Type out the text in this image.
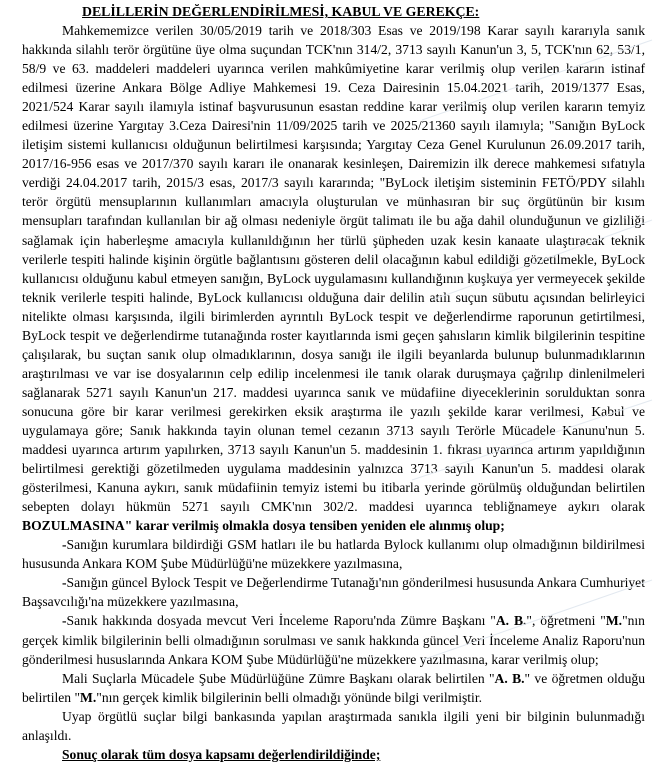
DELİLLERİN DEĞERLENDİRİLMESİ, KABUL VE GEREKÇE:

Mahkememizce verilen 30/05/2019 tarih ve 2018/303 Esas ve 2019/198 Karar sayılı kararıyla sanık hakkında silahlı terör örgütüne üye olma suçundan TCK'nın 314/2, 3713 sayılı Kanun'un 3, 5, TCK'nın 62, 53/1, 58/9 ve 63. maddeleri maddeleri uyarınca verilen mahkûmiyetine karar verilmiş olup verilen kararın istinaf edilmesi üzerine Ankara Bölge Adliye Mahkemesi 19. Ceza Dairesinin 15.04.2021 tarih, 2019/1377 Esas, 2021/524 Karar sayılı ilamıyla istinaf başvurusunun esastan reddine karar verilmiş olup verilen kararın temyiz edilmesi üzerine Yargıtay 3.Ceza Dairesi'nin 11/09/2025 tarih ve 2025/21360 sayılı ilamıyla; "Sanığın ByLock iletişim sistemi kullanıcısı olduğunun belirtilmesi karşısında; Yargıtay Ceza Genel Kurulunun 26.09.2017 tarih, 2017/16-956 esas ve 2017/370 sayılı kararı ile onanarak kesinleşen, Dairemizin ilk derece mahkemesi sıfatıyla verdiği 24.04.2017 tarih, 2015/3 esas, 2017/3 sayılı kararında; "ByLock iletişim sisteminin FETÖ/PDY silahlı terör örgütü mensuplarının kullanımları amacıyla oluşturulan ve münhasıran bir suç örgütünün bir kısım mensupları tarafından kullanılan bir ağ olması nedeniyle örgüt talimatı ile bu ağa dahil olunduğunun ve gizliliği sağlamak için haberleşme amacıyla kullanıldığının her türlü şüpheden uzak kesin kanaate ulaştıracak teknik verilerle tespiti halinde kişinin örgütle bağlantısını gösteren delil olacağının kabul edildiği gözetilmekle, ByLock kullanıcısı olduğunu kabul etmeyen sanığın, ByLock uygulamasını kullandığının kuşkuya yer vermeyecek şekilde teknik verilerle tespiti halinde, ByLock kullanıcısı olduğuna dair delilin atılı suçun sübutu açısından belirleyici nitelikte olması karşısında, ilgili birimlerden ayrıntılı ByLock tespit ve değerlendirme raporunun getirtilmesi, ByLock tespit ve değerlendirme tutanağında roster kayıtlarında ismi geçen şahısların kimlik bilgilerinin tespitine çalışılarak, bu suçtan sanık olup olmadıklarının, dosya sanığı ile ilgili beyanlarda bulunup bulunmadıklarının araştırılması ve var ise dosyalarının celp edilip incelenmesi ile tanık olarak duruşmaya çağrılıp dinlenilmeleri sağlanarak 5271 sayılı Kanun'un 217. maddesi uyarınca sanık ve müdafiine diyeceklerinin sorulduktan sonra sonucuna göre bir karar verilmesi gerekirken eksik araştırma ile yazılı şekilde karar verilmesi, Kabul ve uygulamaya göre; Sanık hakkında tayin olunan temel cezanın 3713 sayılı Terörle Mücadele Kanunu'nun 5. maddesi uyarınca artırım yapılırken, 3713 sayılı Kanun'un 5. maddesinin 1. fıkrası uyarınca artırım yapıldığının belirtilmesi gerektiği gözetilmeden uygulama maddesinin yalnızca 3713 sayılı Kanun'un 5. maddesi olarak gösterilmesi, Kanuna aykırı, sanık müdafiinin temyiz istemi bu itibarla yerinde görülmüş olduğundan belirtilen sebepten dolayı hükmün 5271 sayılı CMK'nın 302/2. maddesi uyarınca tebliğnameye aykırı olarak BOZULMASINA" karar verilmiş olmakla dosya tensiben yeniden ele alınmış olup;

-Sanığın kurumlara bildirdiği GSM hatları ile bu hatlarda Bylock kullanımı olup olmadığının bildirilmesi hususunda Ankara KOM Şube Müdürlüğü'ne müzekkere yazılmasına,

-Sanığın güncel Bylock Tespit ve Değerlendirme Tutanağı'nın gönderilmesi hususunda Ankara Cumhuriyet Başsavcılığı'na müzekkere yazılmasına,

-Sanık hakkında dosyada mevcut Veri İnceleme Raporu'nda Zümre Başkanı "A. B.", öğretmeni "M."nın gerçek kimlik bilgilerinin belli olmadığının sorulması ve sanık hakkında güncel Veri İnceleme Analiz Raporu'nun gönderilmesi hususlarında Ankara KOM Şube Müdürlüğü'ne müzekkere yazılmasına, karar verilmiş olup;

Mali Suçlarla Mücadele Şube Müdürlüğüne Zümre Başkanı olarak belirtilen "A. B." ve öğretmen olduğu belirtilen "M."nın gerçek kimlik bilgilerinin belli olmadığı yönünde bilgi verilmiştir.

Uyap örgütlü suçlar bilgi bankasında yapılan araştırmada sanıkla ilgili yeni bir bilginin bulunmadığı anlaşıldı.

Sonuç olarak tüm dosya kapsamı değerlendirildiğinde;
